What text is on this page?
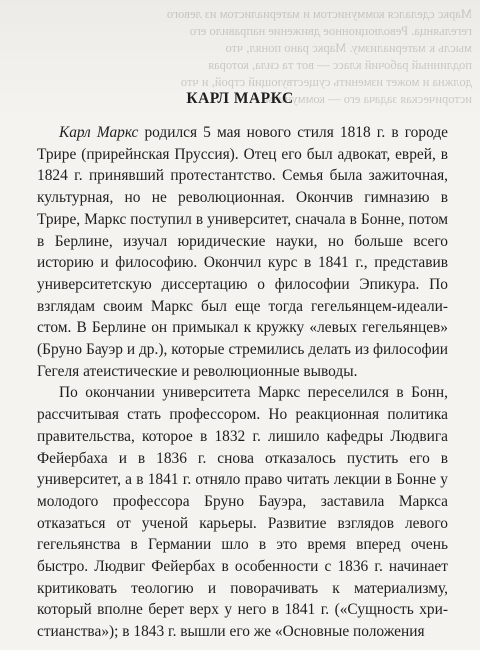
Маркс сделался коммунистом и материалистом из левого

гегельянца. Революционное движение направило его

мысль к материализму. Маркс рано понял, что

подлинный рабочий класс — вот та сила, которая

должна и может изменить существующий строй, и что

историческая задача его — коммунизм.

КАРЛ МАРКС

Карл Маркс родился 5 мая нового стиля 1818 г. в городе Трире (прирейнская Пруссия). Отец его был адвокат, еврей, в 1824 г. принявший протестантство. Семья была зажиточная, культурная, но не революционная. Окончив гимназию в Трире, Маркс поступил в университет, сначала в Бонне, потом в Берлине, изучал юридические науки, но больше всего историю и философию. Окончил курс в 1841 г., представив университетскую диссертацию о философии Эпикура. По взглядам своим Маркс был еще тогда гегельянцем-идеалистом. В Берлине он примыкал к кружку «левых гегельянцев» (Бруно Бауэр и др.), которые стремились делать из философии Гегеля атеистические и революционные выводы.

По окончании университета Маркс переселился в Бонн, рассчитывая стать профессором. Но реакционная политика правительства, которое в 1832 г. лишило кафедры Людвига Фейербаха и в 1836 г. снова отказалось пустить его в университет, а в 1841 г. отняло право читать лекции в Бонне у молодого профессора Бруно Бауэра, заставила Маркса отказаться от ученой карьеры. Развитие взглядов левого гегельянства в Германии шло в это время вперед очень быстро. Людвиг Фейербах в особенности с 1836 г. начинает критиковать теологию и поворачивать к материализму, который вполне берет верх у него в 1841 г. («Сущность христианства»); в 1843 г. вышли его же «Основные положения
